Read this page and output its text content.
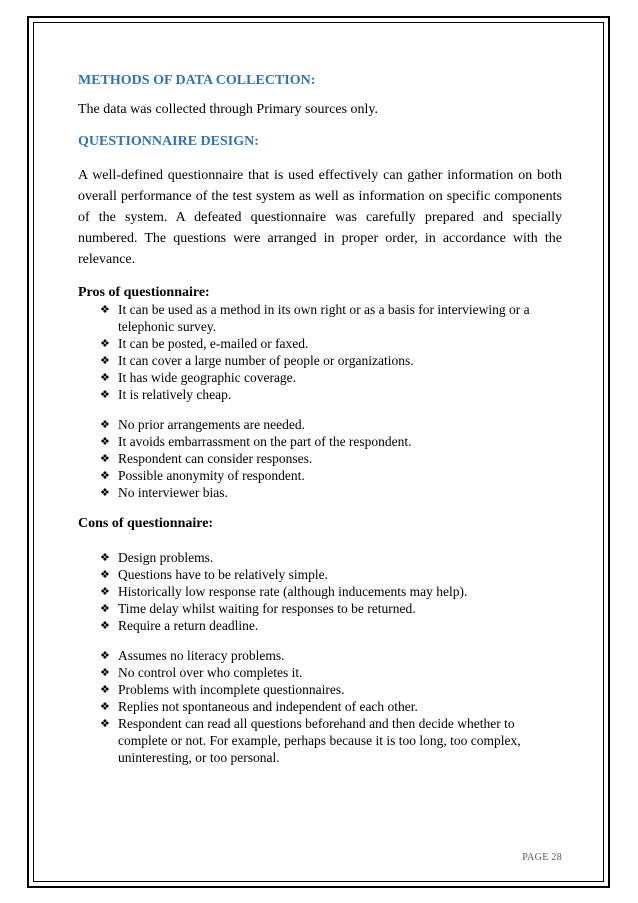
METHODS OF DATA COLLECTION:

The data was collected through Primary sources only.

QUESTIONNAIRE DESIGN:

A well-defined questionnaire that is used effectively can gather information on both overall performance of the test system as well as information on specific components of the system. A defeated questionnaire was carefully prepared and specially numbered. The questions were arranged in proper order, in accordance with the relevance.

Pros of questionnaire:
❖ It can be used as a method in its own right or as a basis for interviewing or a telephonic survey.
❖ It can be posted, e-mailed or faxed.
❖ It can cover a large number of people or organizations.
❖ It has wide geographic coverage.
❖ It is relatively cheap.
❖ No prior arrangements are needed.
❖ It avoids embarrassment on the part of the respondent.
❖ Respondent can consider responses.
❖ Possible anonymity of respondent.
❖ No interviewer bias.
Cons of questionnaire:
❖ Design problems.
❖ Questions have to be relatively simple.
❖ Historically low response rate (although inducements may help).
❖ Time delay whilst waiting for responses to be returned.
❖ Require a return deadline.
❖ Assumes no literacy problems.
❖ No control over who completes it.
❖ Problems with incomplete questionnaires.
❖ Replies not spontaneous and independent of each other.
❖ Respondent can read all questions beforehand and then decide whether to complete or not. For example, perhaps because it is too long, too complex, uninteresting, or too personal.
PAGE 28
